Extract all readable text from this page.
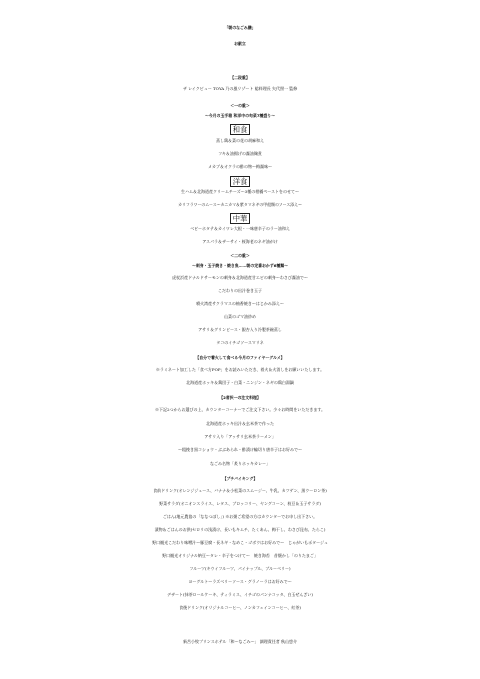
「朝のなごみ膳」
お献立
【二段重】
ザ レイクビュー TOYA 乃の風リゾート 総料理長 矢代照一 監修
＜一の重＞
～今月の玉手箱 和洋中の旬菜7種盛り～
和食
蒸し鶏＆菜の花の胡麻和え
フキ＆油揚げの醤油麹煮
メカブ＆オクラの酢の物～梅醤味～
洋食
生ハム＆北海道産クリームチーズ～3種の柑橘ペーストをのせて～
カリフラワーのムース～カニカマ＆紫タマネギの甲殻類のソース添え～
中華
ベビーホタテ＆カイワレ大根・一味唐辛子のラー油和え
アスパラ＆ザーサイ・桜海老のネギ油がけ
＜二の重＞
～刺身・玉子焼き・焼き魚……朝の定番おかず6種類～
虎杖浜産ドナルドサーモンの刺身＆北海道産甘エビの刺身～わさび醤油で～
こだわりの出汁巻き玉子
噴火湾産サクラマスの柚香焼き～はじかみ添え～
山菜のゴマ油炒め
アサリ＆グリンピース・銀杏入り冷製茶碗蒸し
タコのイチゴソースマリネ
【自分で着火して食べる今月のファイヤーグルメ】
※ラミネート加工した「食べ方POP」をお読みいただき、着火＆火消しをお願いいたします。
北海道産ホッキ＆鶏団子・白菜・ニンジン・ネギの鶏白湯鍋
【2者択一の注文料理】
※下記2つからお選びの上、カウンターコーナーでご注文下さい。少々お時間をいただきます。
北海道産ホッキ出汁＆玄米茶で作った
アサリ入り「アッサリ玄米茶ラーメン」
～粗挽き黒コショウ・ぶぶあられ・酢漬け輪切り唐辛子はお好みで～
なごみ名物「炙りホッキカレー」
【プチバイキング】
食前ドリンク(オレンジジュース、バナナ＆小松菜のスムージー、牛乳、カツゲン、黒ウーロン茶)
野菜サラダ(オニオンスライス、レタス、ブロッコリー、ヤングコーン、枝豆＆玉子サラダ)
ごはん(地元農協の「ななつぼし」) ※お粥ご希望の方はカウンターでお申し出下さい。
漬物＆ごはんのお供(セロリの浅漬け、長いもキムチ、たくあん、梅干し、わさび昆布、たらこ)
野口観光こだわり味噌汁～豚豆腐・長ネギ・なめこ・ゴボウはお好みで～　じゃがいもポタージュ
野口観光オリジナル納豆～タレ・辛子をつけて～　焼き海苔　昔懐かし「のりたまご」
フルーツ(キウイフルーツ、パイナップル、ブルーベリー)
ヨーグルト～ラズベリーソース・グラノーラはお好みで～
デザート(抹茶ロールケーキ、ティラミス、イチゴのパンナコッタ、白玉ぜんざい)
食後ドリンク(オリジナルコーヒー、ノンカフェインコーヒー、紅茶)
新苫小牧プリンスホテル「和～なごみ～」 調理責任者 秋山悠介
